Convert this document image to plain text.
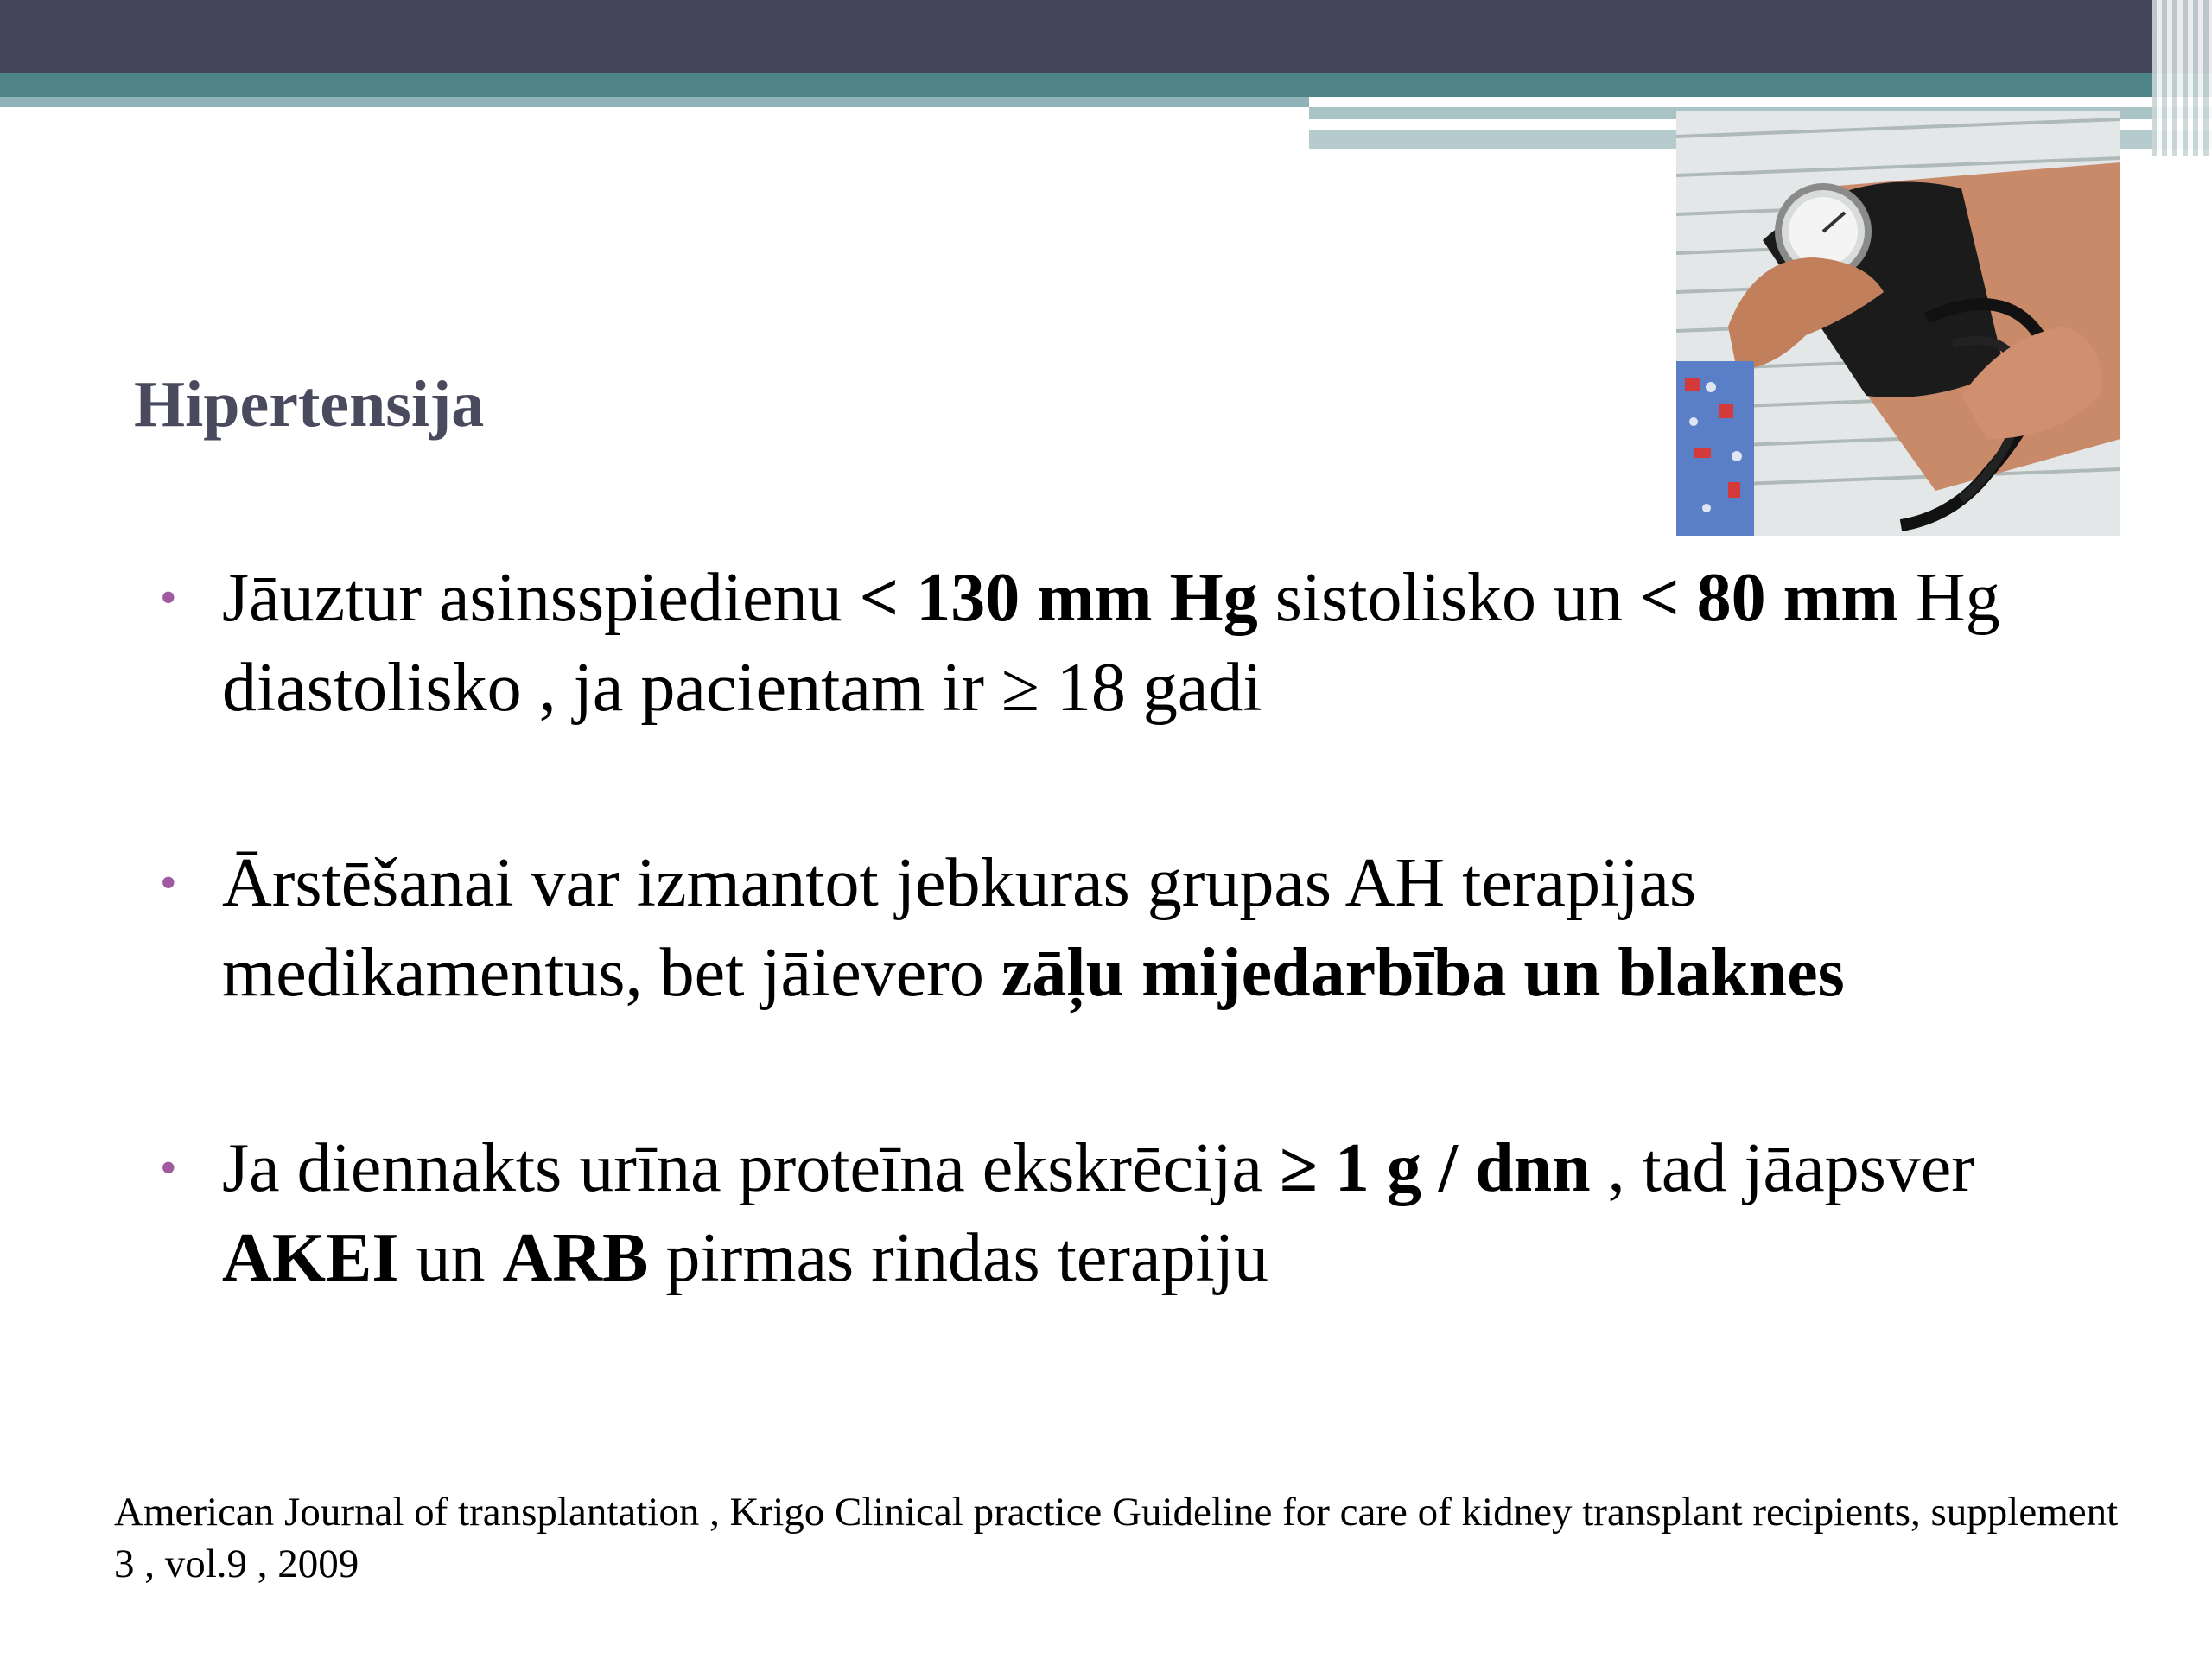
Hipertensija
• Jāuztur asinsspiedienu < 130 mm Hg sistolisko un < 80 mm Hg diastolisko , ja pacientam ir ≥ 18 gadi
• Ārstēšanai var izmantot jebkuras grupas AH terapijas medikamentus, bet jāievero zāļu mijedarbība un blaknes
• Ja diennakts urīna proteīna ekskrēcija ≥ 1 g / dnn , tad jāapsver AKEI un ARB pirmas rindas terapiju
American Journal of transplantation , Krigo Clinical practice Guideline for care of kidney transplant recipients, supplement 3 , vol.9 , 2009
